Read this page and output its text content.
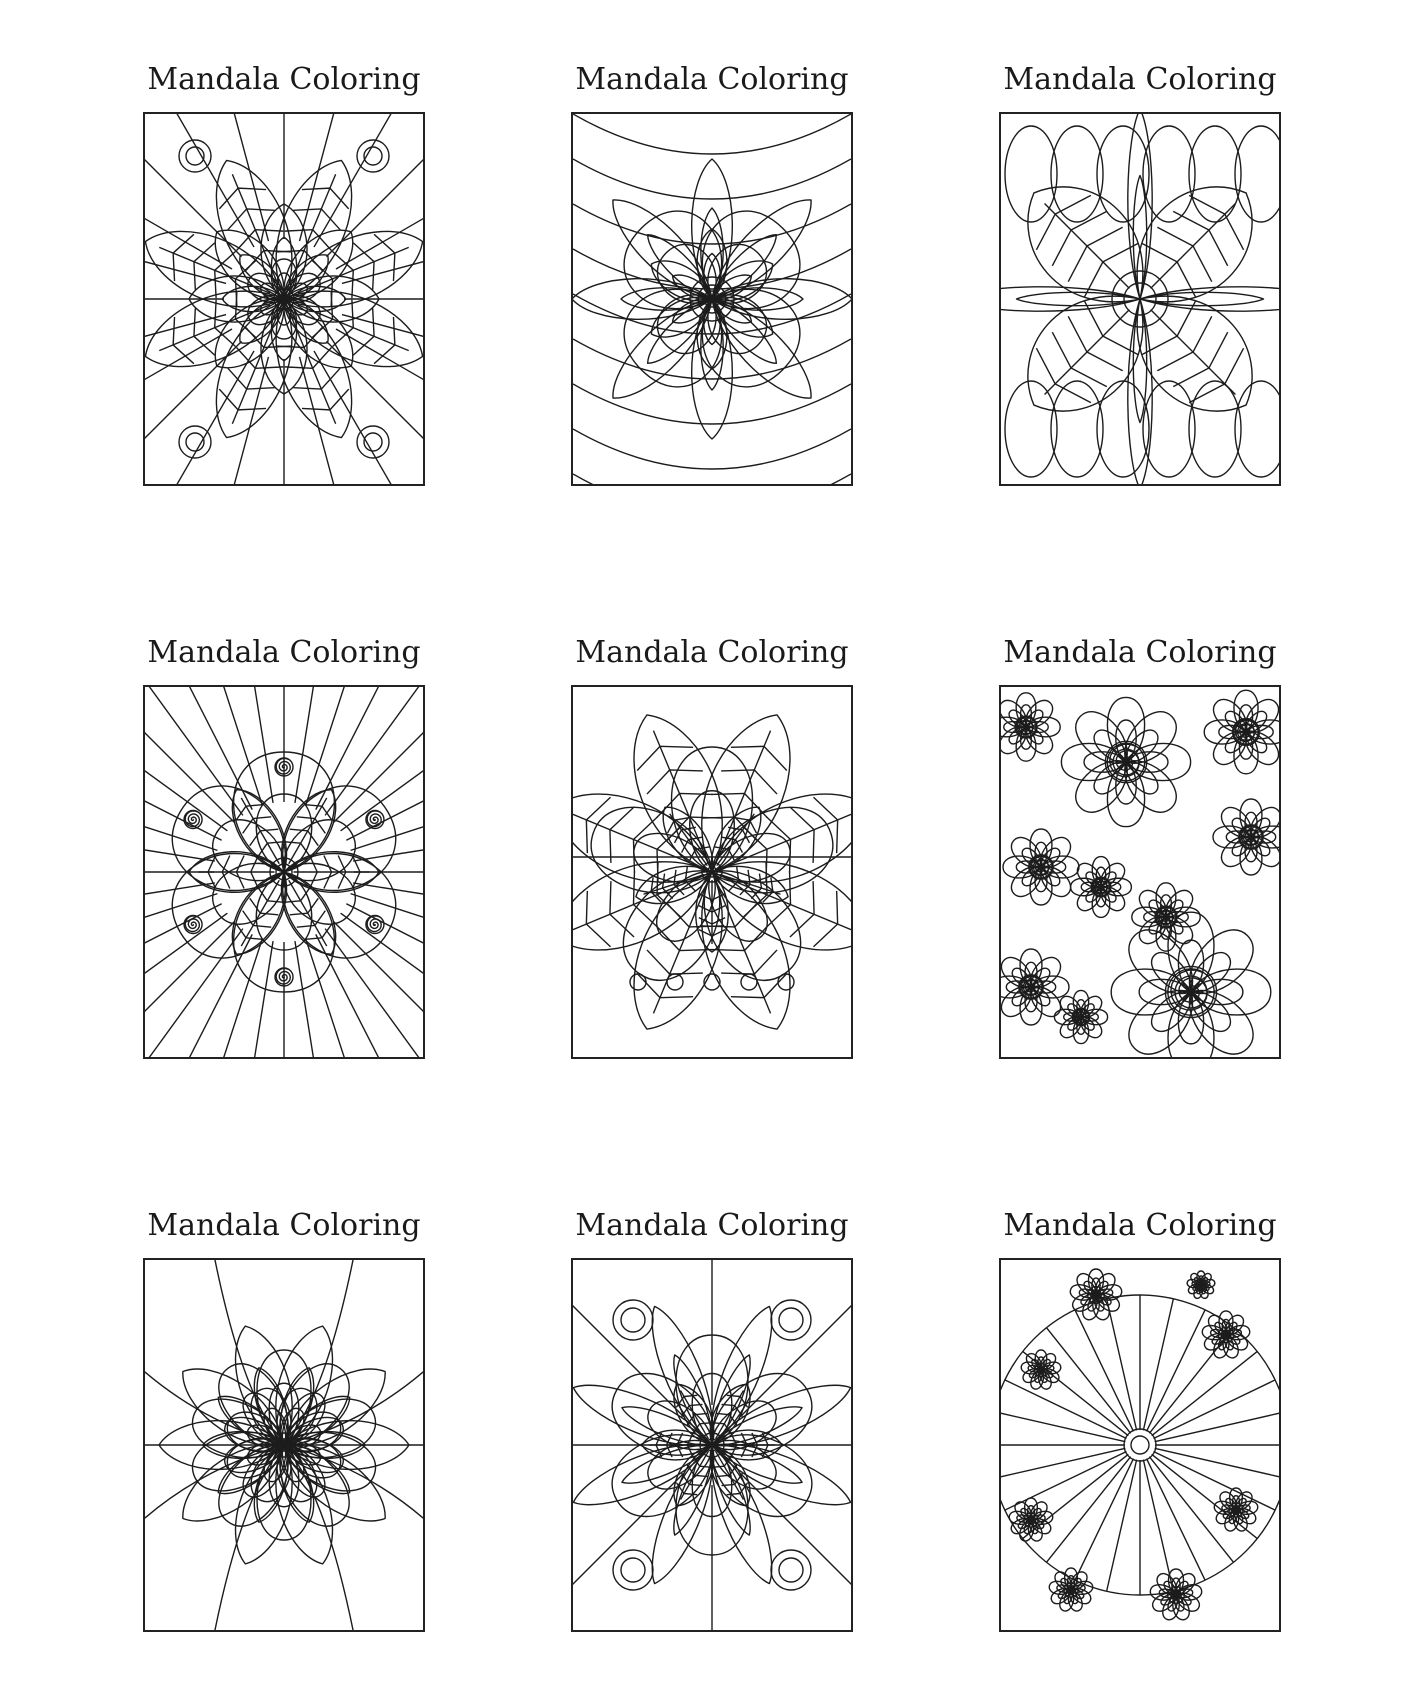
Mandala Coloring	Mandala Coloring	Mandala Coloring
Mandala Coloring	Mandala Coloring	Mandala Coloring
Mandala Coloring	Mandala Coloring	Mandala Coloring
